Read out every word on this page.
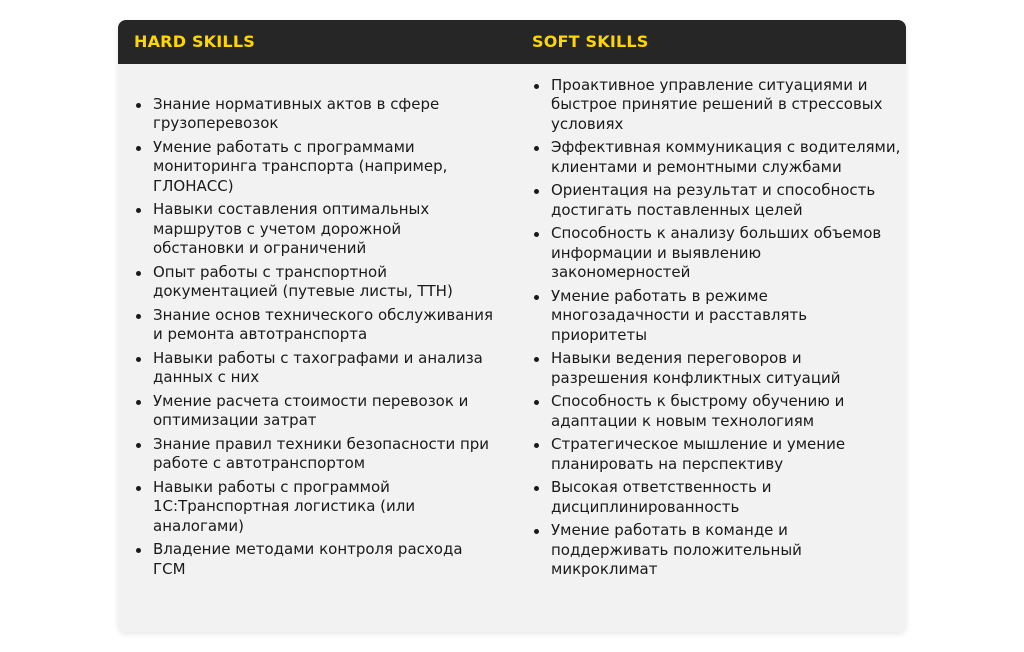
HARD SKILLS	SOFT SKILLS
Знание нормативных актов в сфере грузоперевозок
Умение работать с программами мониторинга транспорта (например, ГЛОНАСС)
Навыки составления оптимальных маршрутов с учетом дорожной обстановки и ограничений
Опыт работы с транспортной документацией (путевые листы, ТТН)
Знание основ технического обслуживания и ремонта автотранспорта
Навыки работы с тахографами и анализа данных с них
Умение расчета стоимости перевозок и оптимизации затрат
Знание правил техники безопасности при работе с автотранспортом
Навыки работы с программой 1С:Транспортная логистика (или аналогами)
Владение методами контроля расхода ГСМ
Проактивное управление ситуациями и быстрое принятие решений в стрессовых условиях
Эффективная коммуникация с водителями, клиентами и ремонтными службами
Ориентация на результат и способность достигать поставленных целей
Способность к анализу больших объемов информации и выявлению закономерностей
Умение работать в режиме многозадачности и расставлять приоритеты
Навыки ведения переговоров и разрешения конфликтных ситуаций
Способность к быстрому обучению и адаптации к новым технологиям
Стратегическое мышление и умение планировать на перспективу
Высокая ответственность и дисциплинированность
Умение работать в команде и поддерживать положительный микроклимат
